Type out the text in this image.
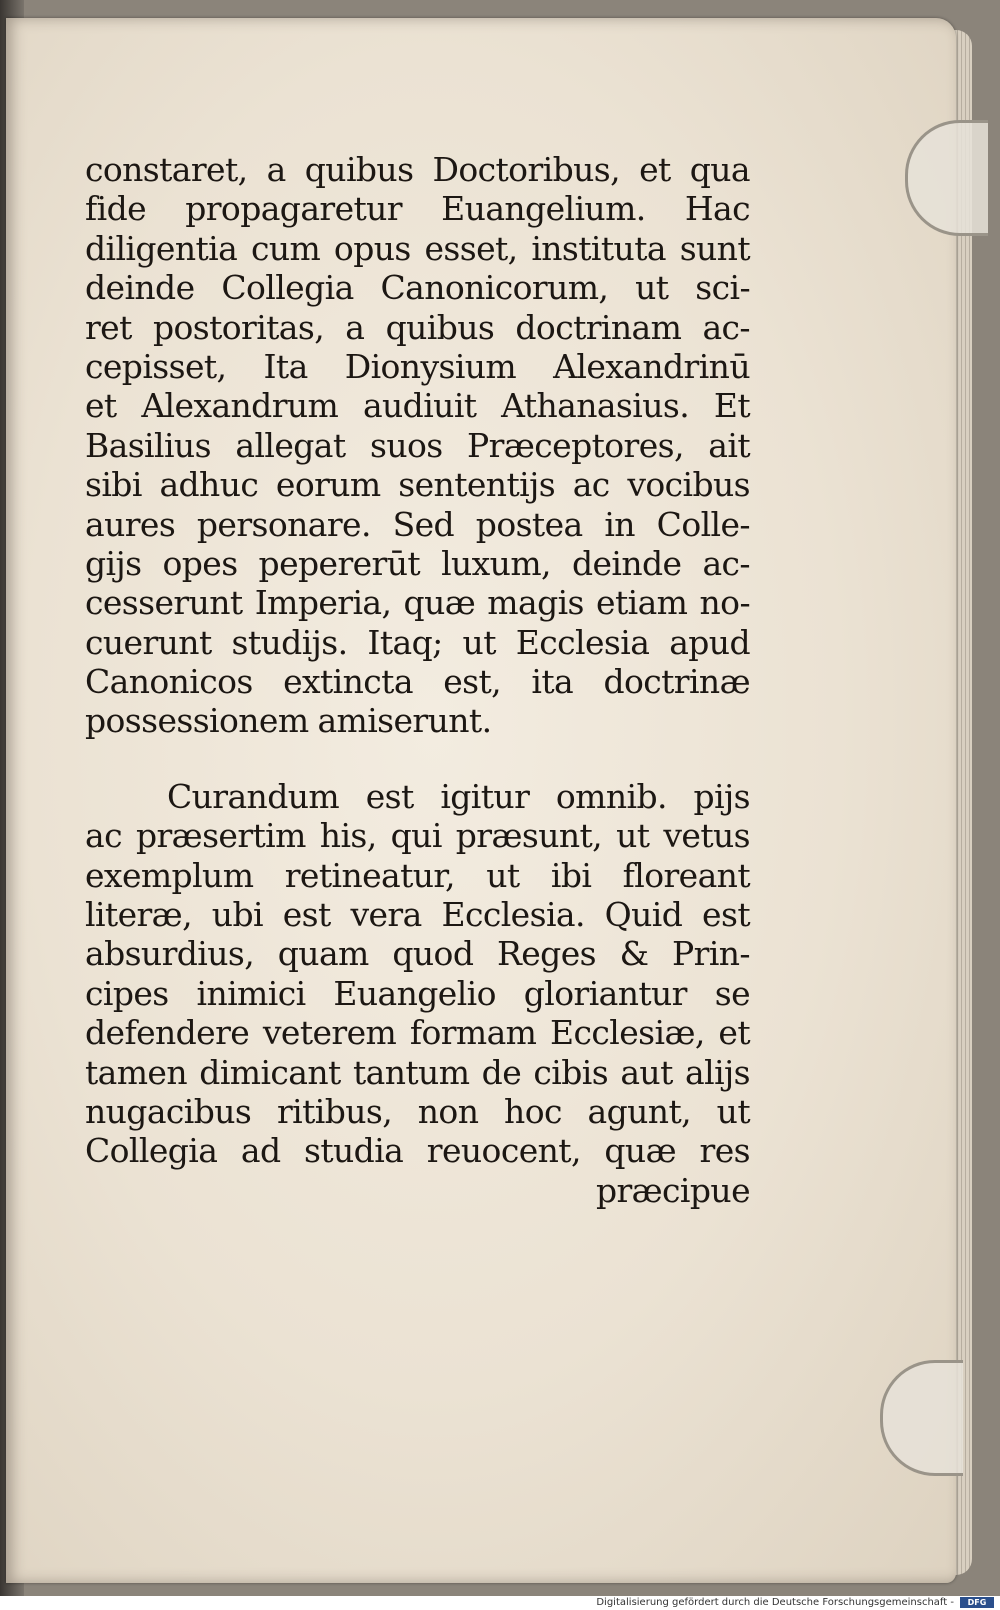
constaret, a quibus Doctoribus, et qua
fide propagaretur Euangelium. Hac
diligentia cum opus esset, instituta sunt
deinde Collegia Canonicorum, ut sci-
ret postoritas, a quibus doctrinam ac-
cepisset, Ita Dionysium Alexandrinū
et Alexandrum audiuit Athanasius. Et
Basilius allegat suos Præceptores, ait
sibi adhuc eorum sententijs ac vocibus
aures personare. Sed postea in Colle-
gijs opes pepererūt luxum, deinde ac-
cesserunt Imperia, quæ magis etiam no-
cuerunt studijs. Itaq; ut Ecclesia apud
Canonicos extincta est, ita doctrinæ
possessionem amiserunt.
Curandum est igitur omnib. pijs
ac præsertim his, qui præsunt, ut vetus
exemplum retineatur, ut ibi floreant
literæ, ubi est vera Ecclesia. Quid est
absurdius, quam quod Reges & Prin-
cipes inimici Euangelio gloriantur se
defendere veterem formam Ecclesiæ, et
tamen dimicant tantum de cibis aut alijs
nugacibus ritibus, non hoc agunt, ut
Collegia ad studia reuocent, quæ res
præcipue
Digitalisierung gefördert durch die Deutsche Forschungsgemeinschaft -	DFG
